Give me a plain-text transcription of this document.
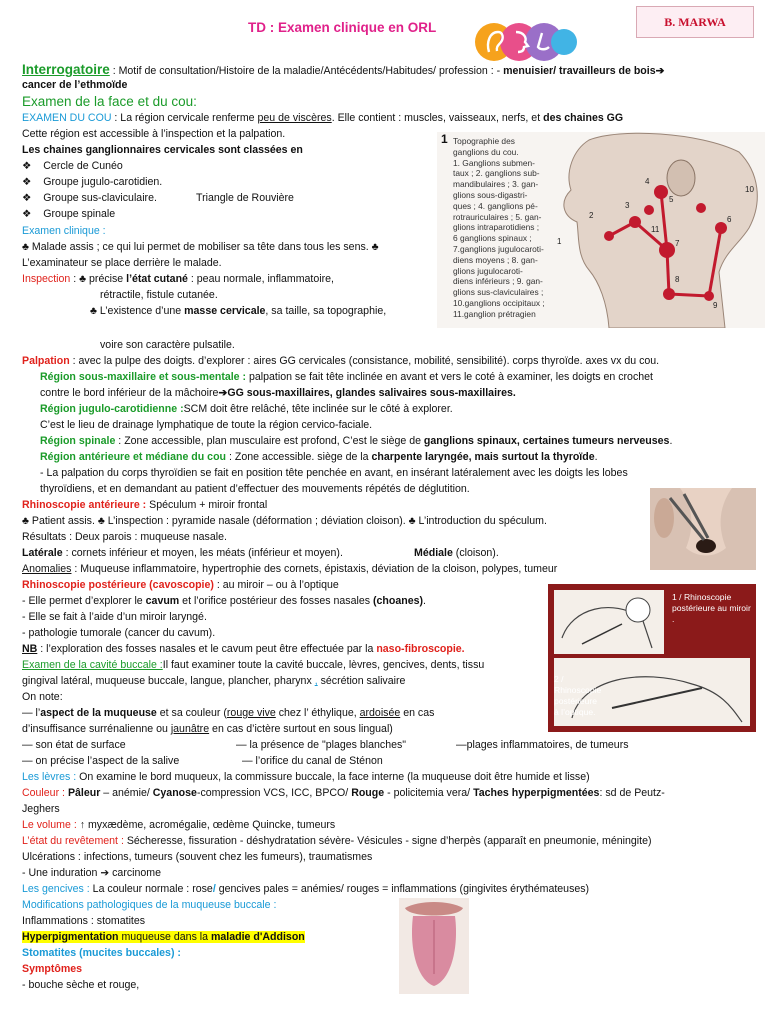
TD : Examen clinique en ORL	B. MARWA
Interrogatoire : Motif de consultation/Histoire de la maladie/Antécédents/Habitudes/ profession : - menuisier/ travailleurs de bois➔
cancer de l’ethmoïde
Examen de la face et du cou:
EXAMEN DU COU : La région cervicale renferme peu de viscères. Elle contient : muscles, vaisseaux, nerfs, et des chaines GG
Cette région est accessible à l’inspection et la palpation.
Les chaines ganglionnaires cervicales sont classées en
❖ Cercle de Cunéo
❖ Groupe jugulo-carotidien.
❖ Groupe sus-claviculaire.
❖ Groupe spinale
Triangle de Rouvière
Examen clinique :
♣ Malade assis ; ce qui lui permet de mobiliser sa tête dans tous les sens. ♣
L’examinateur se place derrière le malade.
Inspection : ♣ précise l’état cutané : peau normale, inflammatoire,
rétractile, fistule cutanée.
♣ L’existence d’une masse cervicale, sa taille, sa topographie,
voire son caractère pulsatile.
1 Topographie des
ganglions du cou.
1. Ganglions submen-
taux ; 2. ganglions sub-
mandibulaires ; 3. gan-
glions sous-digastri-
ques ; 4. ganglions pé-
rotrauriculaires ; 5. gan-
glions intraparotidiens ;
6 ganglions spinaux ;
7.ganglions jugulocaroti-
diens moyens ; 8. gan-
glions jugulocaroti-
diens inférieurs ; 9. gan-
glions sus-claviculaires ;
10.ganglions occipitaux ;
11.ganglion prétragien
1
2
3
4
5
6
7
8
9
10
11
Palpation : avec la pulpe des doigts. d’explorer : aires GG cervicales (consistance, mobilité, sensibilité). corps thyroïde. axes vx du cou.
Région sous-maxillaire et sous-mentale : palpation se fait tête inclinée en avant et vers le coté à examiner, les doigts en crochet
contre le bord inférieur de la mâchoire➔GG sous-maxillaires, glandes salivaires sous-maxillaires.
Région jugulo-carotidienne :SCM doit être relâché, tête inclinée sur le côté à explorer.
C’est le lieu de drainage lymphatique de toute la région cervico-faciale.
Région spinale : Zone accessible, plan musculaire est profond, C’est le siège de ganglions spinaux, certaines tumeurs nerveuses.
Région antérieure et médiane du cou : Zone accessible. siège de la charpente laryngée, mais surtout la thyroïde.
- La palpation du corps thyroïdien se fait en position tête penchée en avant, en insérant latéralement avec les doigts les lobes
thyroïdiens, et en demandant au patient d’effectuer des mouvements répétés de déglutition.
Rhinoscopie antérieure : Spéculum + miroir frontal
♣ Patient assis. ♣ L’inspection : pyramide nasale (déformation ; déviation cloison). ♣ L’introduction du spéculum.
Résultats : Deux parois : muqueuse nasale.
Latérale : cornets inférieur et moyen, les méats (inférieur et moyen).	Médiale (cloison).
Anomalies : Muqueuse inflammatoire, hypertrophie des cornets, épistaxis, déviation de la cloison, polypes, tumeur
Rhinoscopie postérieure (cavoscopie) : au miroir – ou à l’optique
- Elle permet d’explorer le cavum et l’orifice postérieur des fosses nasales (choanes).
- Elle se fait à l’aide d’un miroir laryngé.
- pathologie tumorale (cancer du cavum).
NB : l’exploration des fosses nasales et le cavum peut être effectuée par la naso-fibroscopie.
1 / Rhinoscopie postérieure au miroir .
2 / Rhinoscopie postérieure à l’optique.
Examen de la cavité buccale :Il faut examiner toute la cavité buccale, lèvres, gencives, dents, tissu
gingival latéral, muqueuse buccale, langue, plancher, pharynx , sécrétion salivaire
On note:
— l’aspect de la muqueuse et sa couleur (rouge vive chez l’ éthylique, ardoisée en cas
d’insuffisance surrénalienne ou jaunâtre en cas d’ictère surtout en sous lingual)
— son état de surface	— la présence de "plages blanches"	—plages inflammatoires, de tumeurs
— on précise l’aspect de la salive	— l’orifice du canal de Sténon
Les lèvres : On examine le bord muqueux, la commissure buccale, la face interne (la muqueuse doit être humide et lisse)
Couleur : Pâleur – anémie/ Cyanose-compression VCS, ICC, BPCO/ Rouge - policitemia vera/ Taches hyperpigmentées: sd de Peutz-
Jeghers
Le volume : ↑ myxædème, acromégalie, œdème Quincke, tumeurs
L’état du revêtement : Sécheresse, fissuration - déshydratation sévère- Vésicules - signe d’herpès (apparaît en pneumonie, méningite)
Ulcérations : infections, tumeurs (souvent chez les fumeurs), traumatismes
- Une induration ➔ carcinome
Les gencives : La couleur normale : rose/ gencives pales = anémies/ rouges = inflammations (gingivites érythémateuses)
Modifications pathologiques de la muqueuse buccale :
Inflammations : stomatites
Hyperpigmentation muqueuse dans la maladie d'Addison
Stomatites (mucites buccales) :
Symptômes
- bouche sèche et rouge,
